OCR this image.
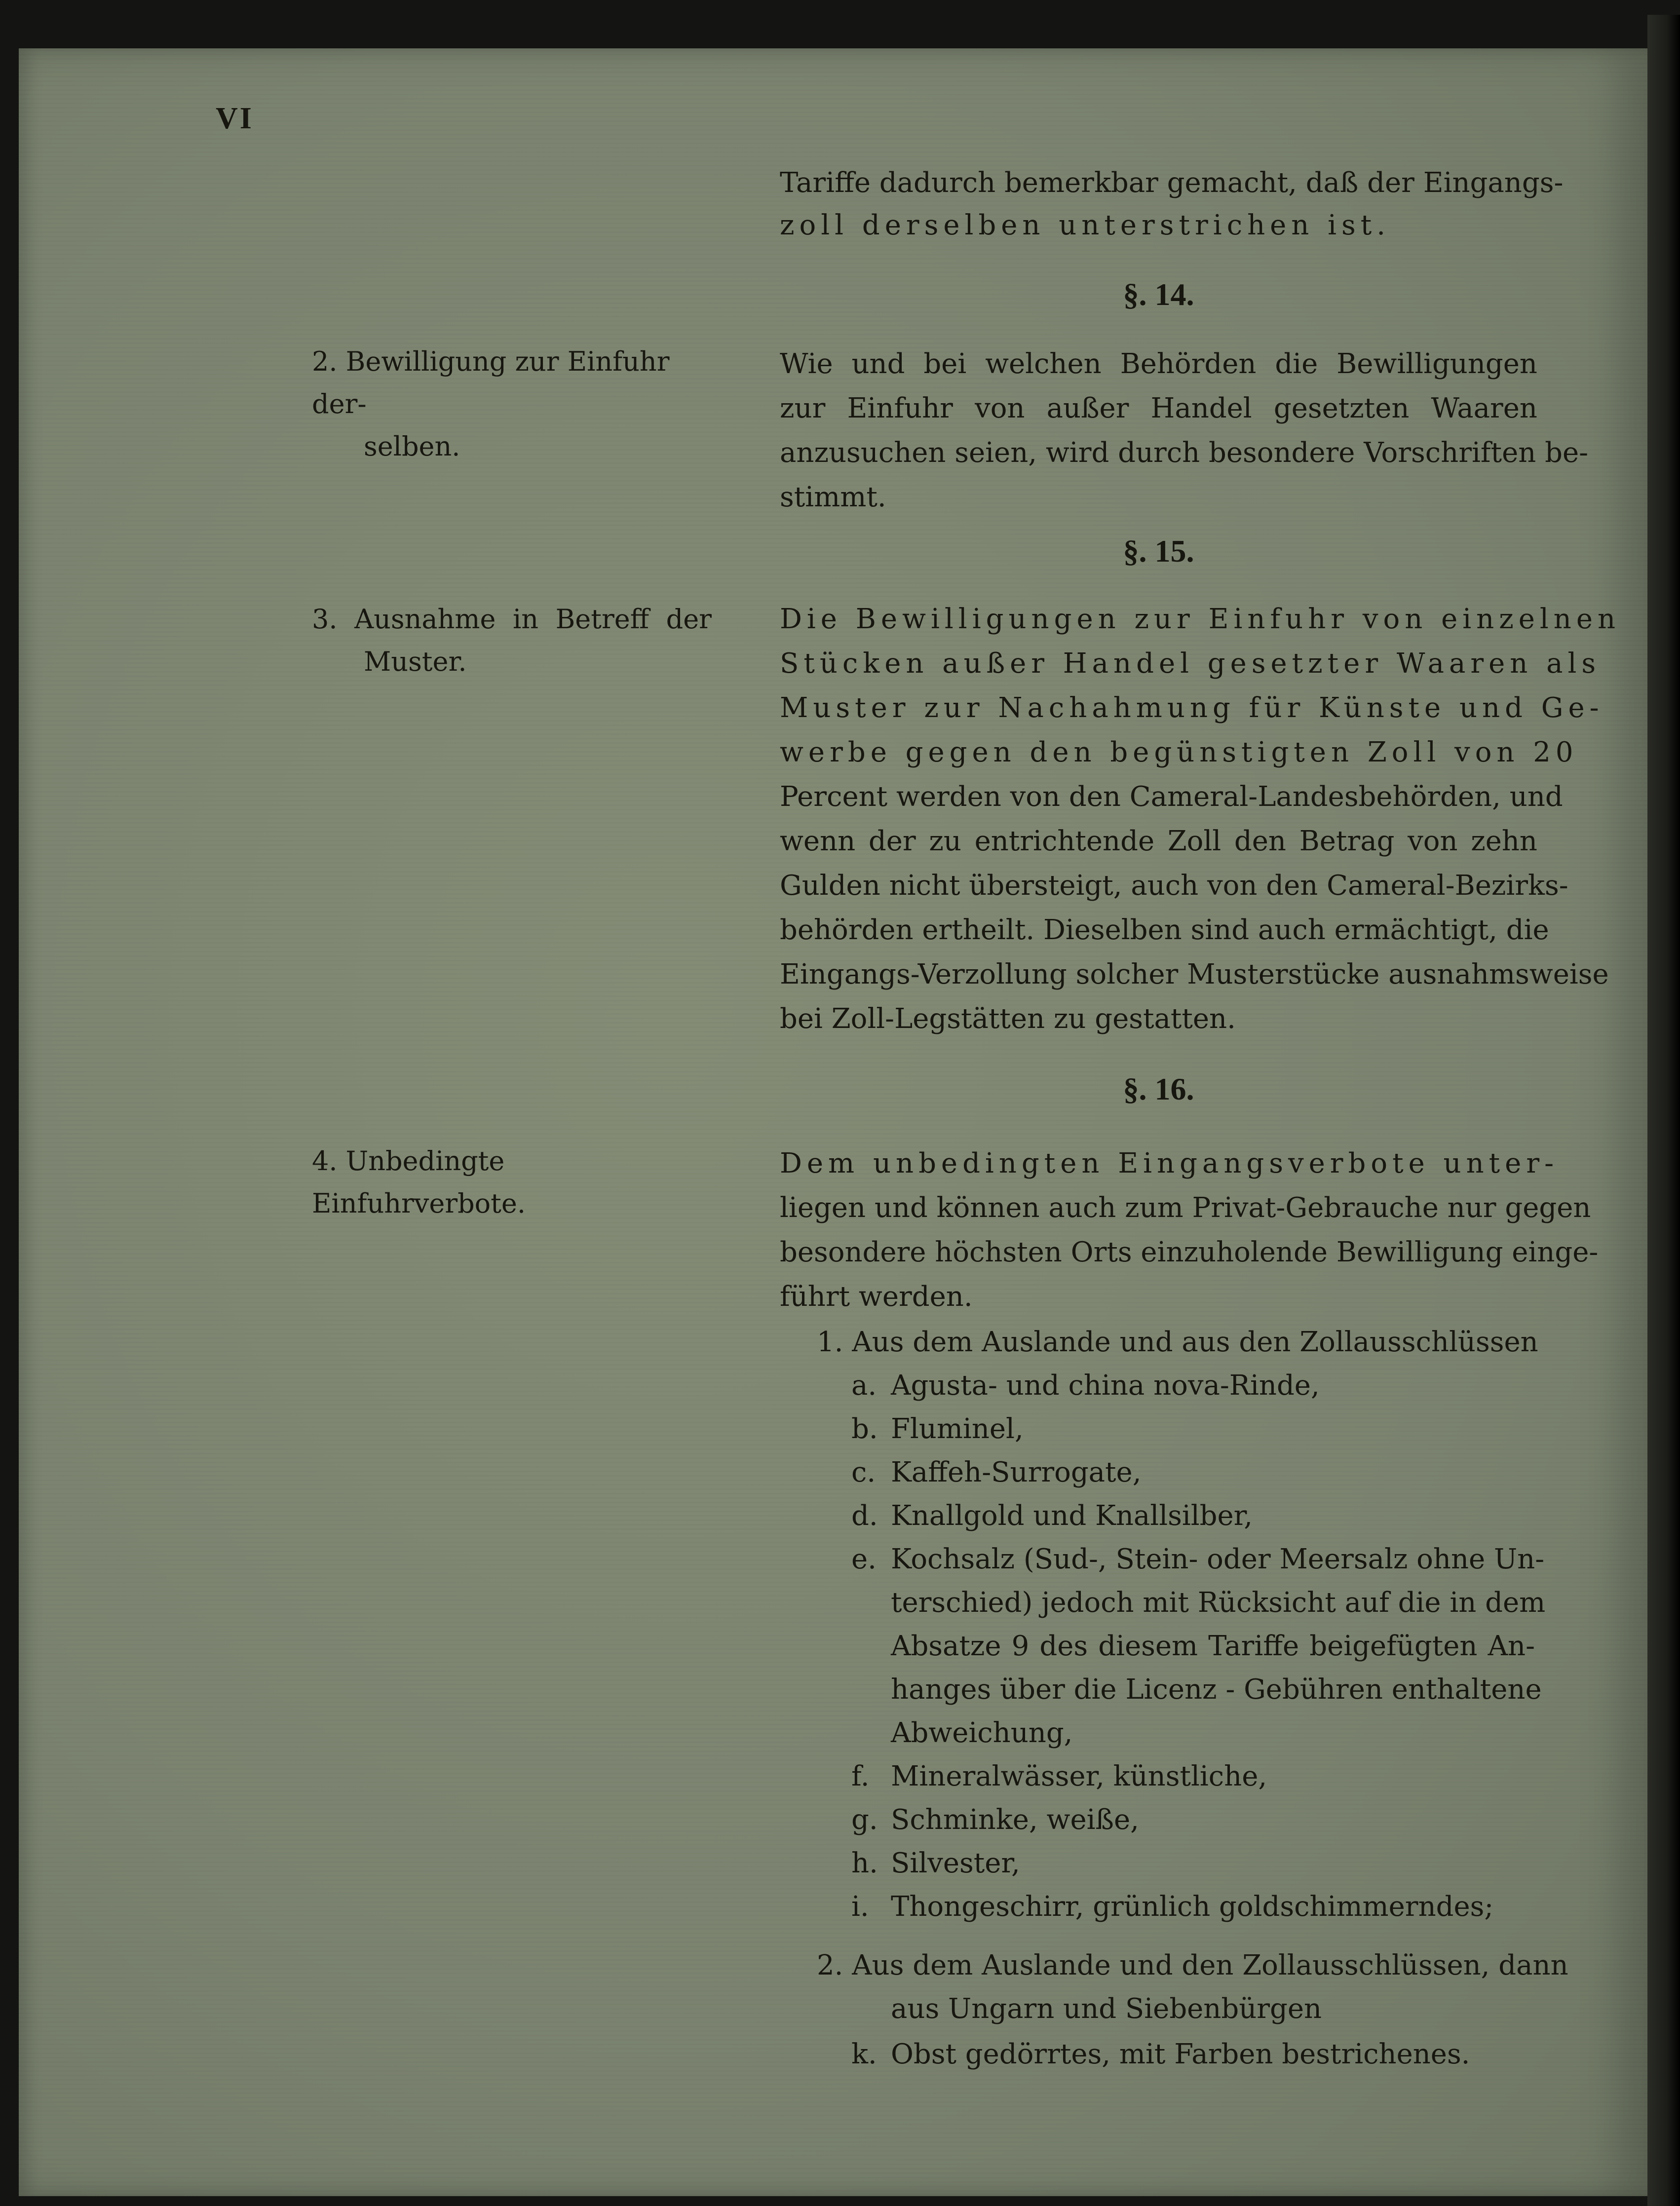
VI
Tariffe dadurch bemerkbar gemacht, daß der Eingangs-
zoll derselben unterstrichen ist.
§. 14.
2. Bewilligung zur Einfuhr der-
selben.
Wie und bei welchen Behörden die Bewilligungen
zur Einfuhr von außer Handel gesetzten Waaren
anzusuchen seien, wird durch besondere Vorschriften be-
stimmt.
§. 15.
3. Ausnahme in Betreff der
Muster.
Die Bewilligungen zur Einfuhr von einzelnen
Stücken außer Handel gesetzter Waaren als
Muster zur Nachahmung für Künste und Ge-
werbe gegen den begünstigten Zoll von 20
Percent werden von den Cameral-Landesbehörden, und
wenn der zu entrichtende Zoll den Betrag von zehn
Gulden nicht übersteigt, auch von den Cameral-Bezirks-
behörden ertheilt. Dieselben sind auch ermächtigt, die
Eingangs-Verzollung solcher Musterstücke ausnahmsweise
bei Zoll-Legstätten zu gestatten.
§. 16.
4. Unbedingte Einfuhrverbote.
Dem unbedingten Eingangsverbote unter-
liegen und können auch zum Privat-Gebrauche nur gegen
besondere höchsten Orts einzuholende Bewilligung einge-
führt werden.
1. Aus dem Auslande und aus den Zollausschlüssen
a. Agusta- und china nova-Rinde,
b. Fluminel,
c. Kaffeh-Surrogate,
d. Knallgold und Knallsilber,
e. Kochsalz (Sud-, Stein- oder Meersalz ohne Un-
terschied) jedoch mit Rücksicht auf die in dem
Absatze 9 des diesem Tariffe beigefügten An-
hanges über die Licenz - Gebühren enthaltene
Abweichung,
f. Mineralwässer, künstliche,
g. Schminke, weiße,
h. Silvester,
i. Thongeschirr, grünlich goldschimmerndes;
2. Aus dem Auslande und den Zollausschlüssen, dann
aus Ungarn und Siebenbürgen
k. Obst gedörrtes, mit Farben bestrichenes.
